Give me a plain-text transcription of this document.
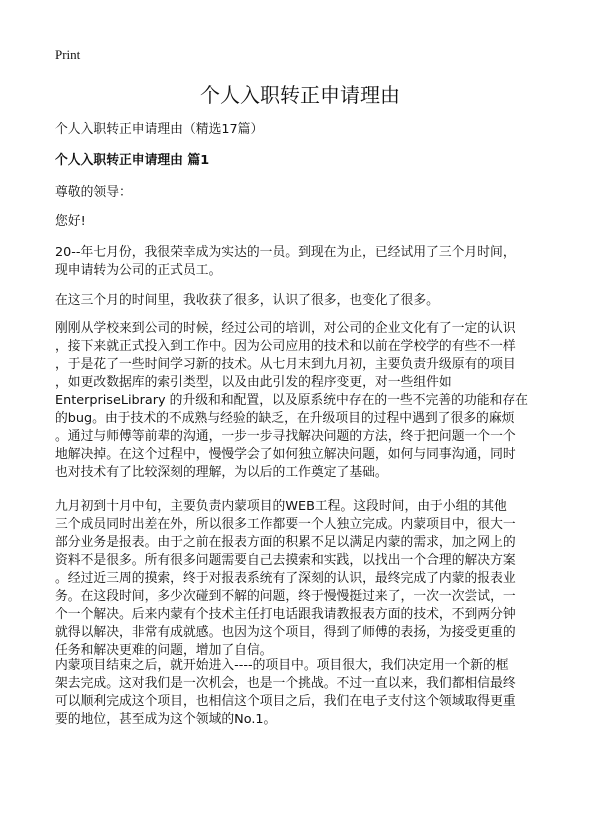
Print
个人入职转正申请理由
个人入职转正申请理由（精选17篇）
个人入职转正申请理由 篇1
尊敬的领导：
您好!
20--年七月份，我很荣幸成为实达的一员。到现在为止，已经试用了三个月时间，
现申请转为公司的正式员工。
在这三个月的时间里，我收获了很多，认识了很多，也变化了很多。
刚刚从学校来到公司的时候，经过公司的培训，对公司的企业文化有了一定的认识
，接下来就正式投入到工作中。因为公司应用的技术和以前在学校学的有些不一样
，于是花了一些时间学习新的技术。从七月末到九月初，主要负责升级原有的项目
，如更改数据库的索引类型，以及由此引发的程序变更，对一些组件如
EnterpriseLibrary 的升级和和配置，以及原系统中存在的一些不完善的功能和存在
的bug。由于技术的不成熟与经验的缺乏，在升级项目的过程中遇到了很多的麻烦
。通过与师傅等前辈的沟通，一步一步寻找解决问题的方法，终于把问题一个一个
地解决掉。在这个过程中，慢慢学会了如何独立解决问题，如何与同事沟通，同时
也对技术有了比较深刻的理解，为以后的工作奠定了基础。
九月初到十月中旬，主要负责内蒙项目的WEB工程。这段时间，由于小组的其他
三个成员同时出差在外，所以很多工作都要一个人独立完成。内蒙项目中，很大一
部分业务是报表。由于之前在报表方面的积累不足以满足内蒙的需求，加之网上的
资料不是很多。所有很多问题需要自己去摸索和实践，以找出一个合理的解决方案
。经过近三周的摸索，终于对报表系统有了深刻的认识，最终完成了内蒙的报表业
务。在这段时间，多少次碰到不解的问题，终于慢慢挺过来了，一次一次尝试，一
个一个解决。后来内蒙有个技术主任打电话跟我请教报表方面的技术，不到两分钟
就得以解决，非常有成就感。也因为这个项目，得到了师傅的表扬，为接受更重的
任务和解决更难的问题，增加了自信。
内蒙项目结束之后，就开始进入----的项目中。项目很大，我们决定用一个新的框
架去完成。这对我们是一次机会，也是一个挑战。不过一直以来，我们都相信最终
可以顺利完成这个项目，也相信这个项目之后，我们在电子支付这个领域取得更重
要的地位，甚至成为这个领域的No.1。
